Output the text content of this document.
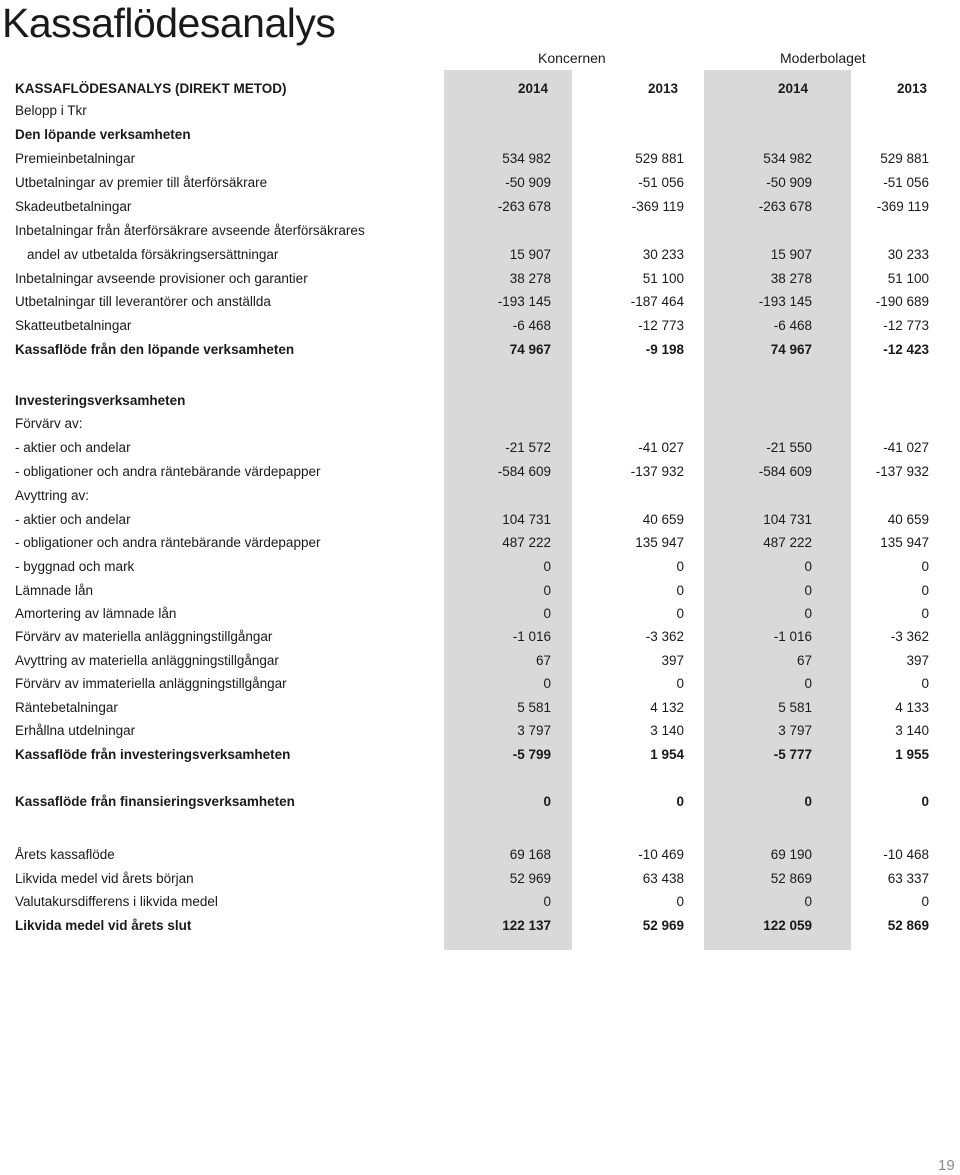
Kassaflödesanalys
Koncernen	Moderbolaget
KASSAFLÖDESANALYS (DIREKT METOD)	2014	2013	2014	2013
Belopp i Tkr
Den löpande verksamheten
Premieinbetalningar	534 982	529 881	534 982	529 881
Utbetalningar av premier till återförsäkrare	-50 909	-51 056	-50 909	-51 056
Skadeutbetalningar	-263 678	-369 119	-263 678	-369 119
Inbetalningar från återförsäkrare avseende återförsäkrares
andel av utbetalda försäkringsersättningar	15 907	30 233	15 907	30 233
Inbetalningar avseende provisioner och garantier	38 278	51 100	38 278	51 100
Utbetalningar till leverantörer och anställda	-193 145	-187 464	-193 145	-190 689
Skatteutbetalningar	-6 468	-12 773	-6 468	-12 773
Kassaflöde från den löpande verksamheten	74 967	-9 198	74 967	-12 423
Investeringsverksamheten
Förvärv av:
- aktier och andelar	-21 572	-41 027	-21 550	-41 027
- obligationer och andra räntebärande värdepapper	-584 609	-137 932	-584 609	-137 932
Avyttring av:
- aktier och andelar	104 731	40 659	104 731	40 659
- obligationer och andra räntebärande värdepapper	487 222	135 947	487 222	135 947
- byggnad och mark	0	0	0	0
Lämnade lån	0	0	0	0
Amortering av lämnade lån	0	0	0	0
Förvärv av materiella anläggningstillgångar	-1 016	-3 362	-1 016	-3 362
Avyttring av materiella anläggningstillgångar	67	397	67	397
Förvärv av immateriella anläggningstillgångar	0	0	0	0
Räntebetalningar	5 581	4 132	5 581	4 133
Erhållna utdelningar	3 797	3 140	3 797	3 140
Kassaflöde från investeringsverksamheten	-5 799	1 954	-5 777	1 955
Kassaflöde från finansieringsverksamheten	0	0	0	0
Årets kassaflöde	69 168	-10 469	69 190	-10 468
Likvida medel vid årets början	52 969	63 438	52 869	63 337
Valutakursdifferens i likvida medel	0	0	0	0
Likvida medel vid årets slut	122 137	52 969	122 059	52 869
19
